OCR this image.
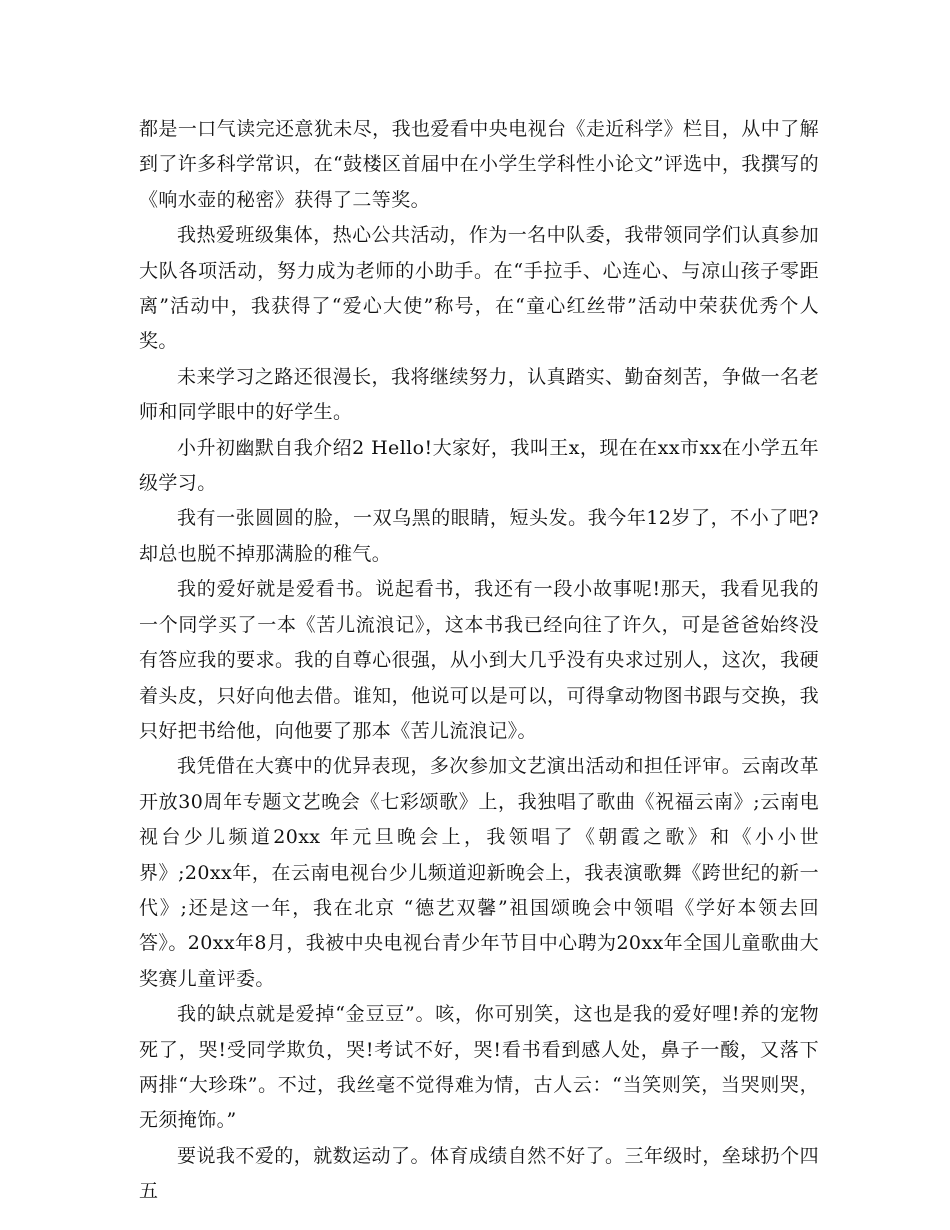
都是一口气读完还意犹未尽，我也爱看中央电视台《走近科学》栏目，从中了解到了许多科学常识，在“鼓楼区首届中在小学生学科性小论文”评选中，我撰写的《响水壶的秘密》获得了二等奖。

我热爱班级集体，热心公共活动，作为一名中队委，我带领同学们认真参加大队各项活动，努力成为老师的小助手。在“手拉手、心连心、与凉山孩子零距离”活动中，我获得了“爱心大使”称号，在“童心红丝带”活动中荣获优秀个人奖。

未来学习之路还很漫长，我将继续努力，认真踏实、勤奋刻苦，争做一名老师和同学眼中的好学生。

小升初幽默自我介绍2 Hello!大家好，我叫王x，现在在xx市xx在小学五年级学习。

我有一张圆圆的脸，一双乌黑的眼睛，短头发。我今年12岁了，不小了吧?却总也脱不掉那满脸的稚气。

我的爱好就是爱看书。说起看书，我还有一段小故事呢!那天，我看见我的一个同学买了一本《苦儿流浪记》，这本书我已经向往了许久，可是爸爸始终没有答应我的要求。我的自尊心很强，从小到大几乎没有央求过别人，这次，我硬着头皮，只好向他去借。谁知，他说可以是可以，可得拿动物图书跟与交换，我只好把书给他，向他要了那本《苦儿流浪记》。

我凭借在大赛中的优异表现，多次参加文艺演出活动和担任评审。云南改革开放30周年专题文艺晚会《七彩颂歌》上，我独唱了歌曲《祝福云南》;云南电视台少儿频道20xx 年元旦晚会上，我领唱了《朝霞之歌》和《小小世界》;20xx年，在云南电视台少儿频道迎新晚会上，我表演歌舞《跨世纪的新一代》;还是这一年，我在北京 “德艺双馨”祖国颂晚会中领唱《学好本领去回答》。20xx年8月，我被中央电视台青少年节目中心聘为20xx年全国儿童歌曲大奖赛儿童评委。

我的缺点就是爱掉“金豆豆”。咳，你可别笑，这也是我的爱好哩!养的宠物死了，哭!受同学欺负，哭!考试不好，哭!看书看到感人处，鼻子一酸，又落下两排“大珍珠”。不过，我丝毫不觉得难为情，古人云：“当笑则笑，当哭则哭，无须掩饰。”

要说我不爱的，就数运动了。体育成绩自然不好了。三年级时，垒球扔个四五
